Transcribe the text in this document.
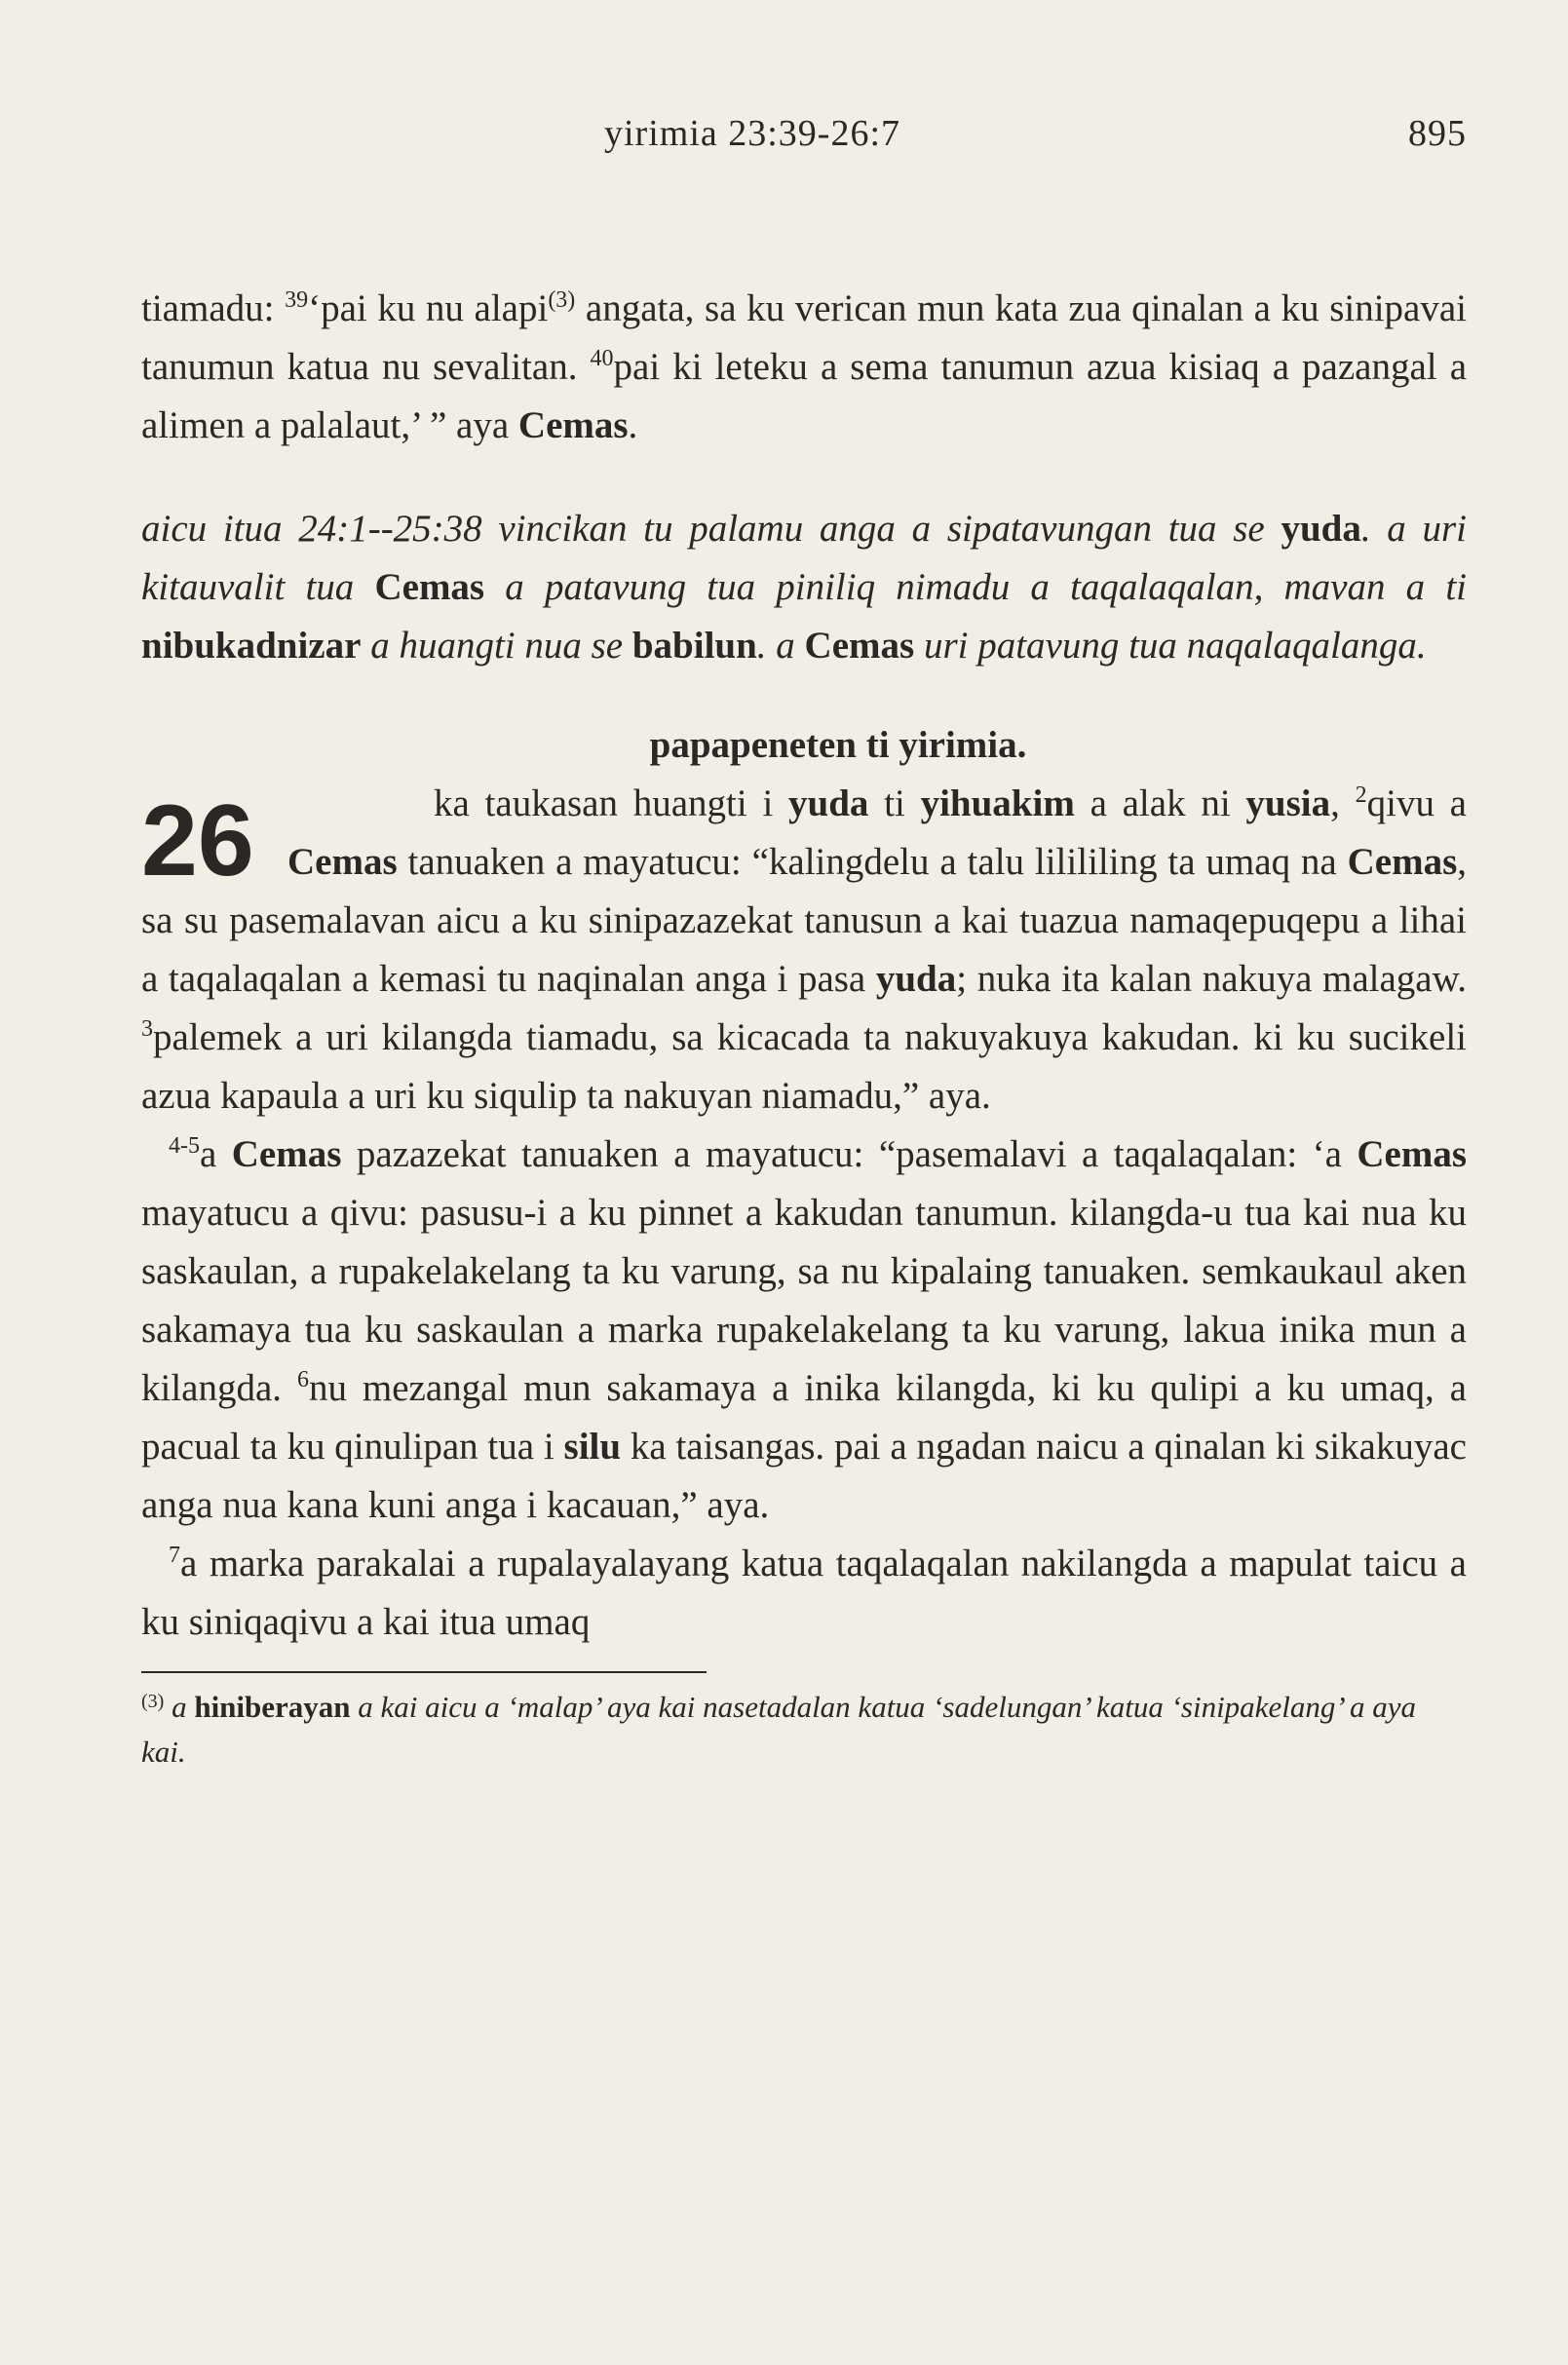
yirimia 23:39-26:7	895

tiamadu: $^{39}$‘pai ku nu alapi$^{(3)}$ angata, sa ku verican mun kata zua qinalan a ku sinipavai tanumun katua nu sevalitan. $^{40}$pai ki leteku a sema tanumun azua kisiaq a pazangal a alimen a palalaut,’ ” aya Cemas.

aicu itua 24:1--25:38 vincikan tu palamu anga a sipatavungan tua se yuda. a uri kitauvalit tua Cemas a patavung tua piniliq nimadu a taqalaqalan, mavan a ti nibukadnizar a huangti nua se babilun. a Cemas uri patavung tua naqalaqalanga.

papapeneten ti yirimia.
26	ka taukasan huangti i yuda ti yihuakim a alak ni yusia, $^2$qivu a Cemas tanuaken a mayatucu: “kalingdelu a talu lilililing ta umaq na Cemas, sa su pasemalavan aicu a ku sinipazazekat tanusun a kai tuazua namaqepuqepu a lihai a taqalaqalan a kemasi tu naqinalan anga i pasa yuda; nuka ita kalan nakuya malagaw. $^3$palemek a uri kilangda tiamadu, sa kicacada ta nakuyakuya kakudan. ki ku sucikeli azua kapaula a uri ku siqulip ta nakuyan niamadu,” aya.

$^{4-5}$a Cemas pazazekat tanuaken a mayatucu: “pasemalavi a taqalaqalan: ‘a Cemas mayatucu a qivu: pasusu-i a ku pinnet a kakudan tanumun. kilangda-u tua kai nua ku saskaulan, a rupakelakelang ta ku varung, sa nu kipalaing tanuaken. semkaukaul aken sakamaya tua ku saskaulan a marka rupakelakelang ta ku varung, lakua inika mun a kilangda. $^6$nu mezangal mun sakamaya a inika kilangda, ki ku qulipi a ku umaq, a pacual ta ku qinulipan tua i silu ka taisangas. pai a ngadan naicu a qinalan ki sikakuyac anga nua kana kuni anga i kacauan,” aya.

$^7$a marka parakalai a rupalayalayang katua taqalaqalan nakilangda a mapulat taicu a ku siniqaqivu a kai itua umaq

$^{(3)}$ a hiniberayan a kai aicu a ‘malap’ aya kai nasetadalan katua ‘sadelungan’ katua ‘sinipakelang’ a aya kai.
